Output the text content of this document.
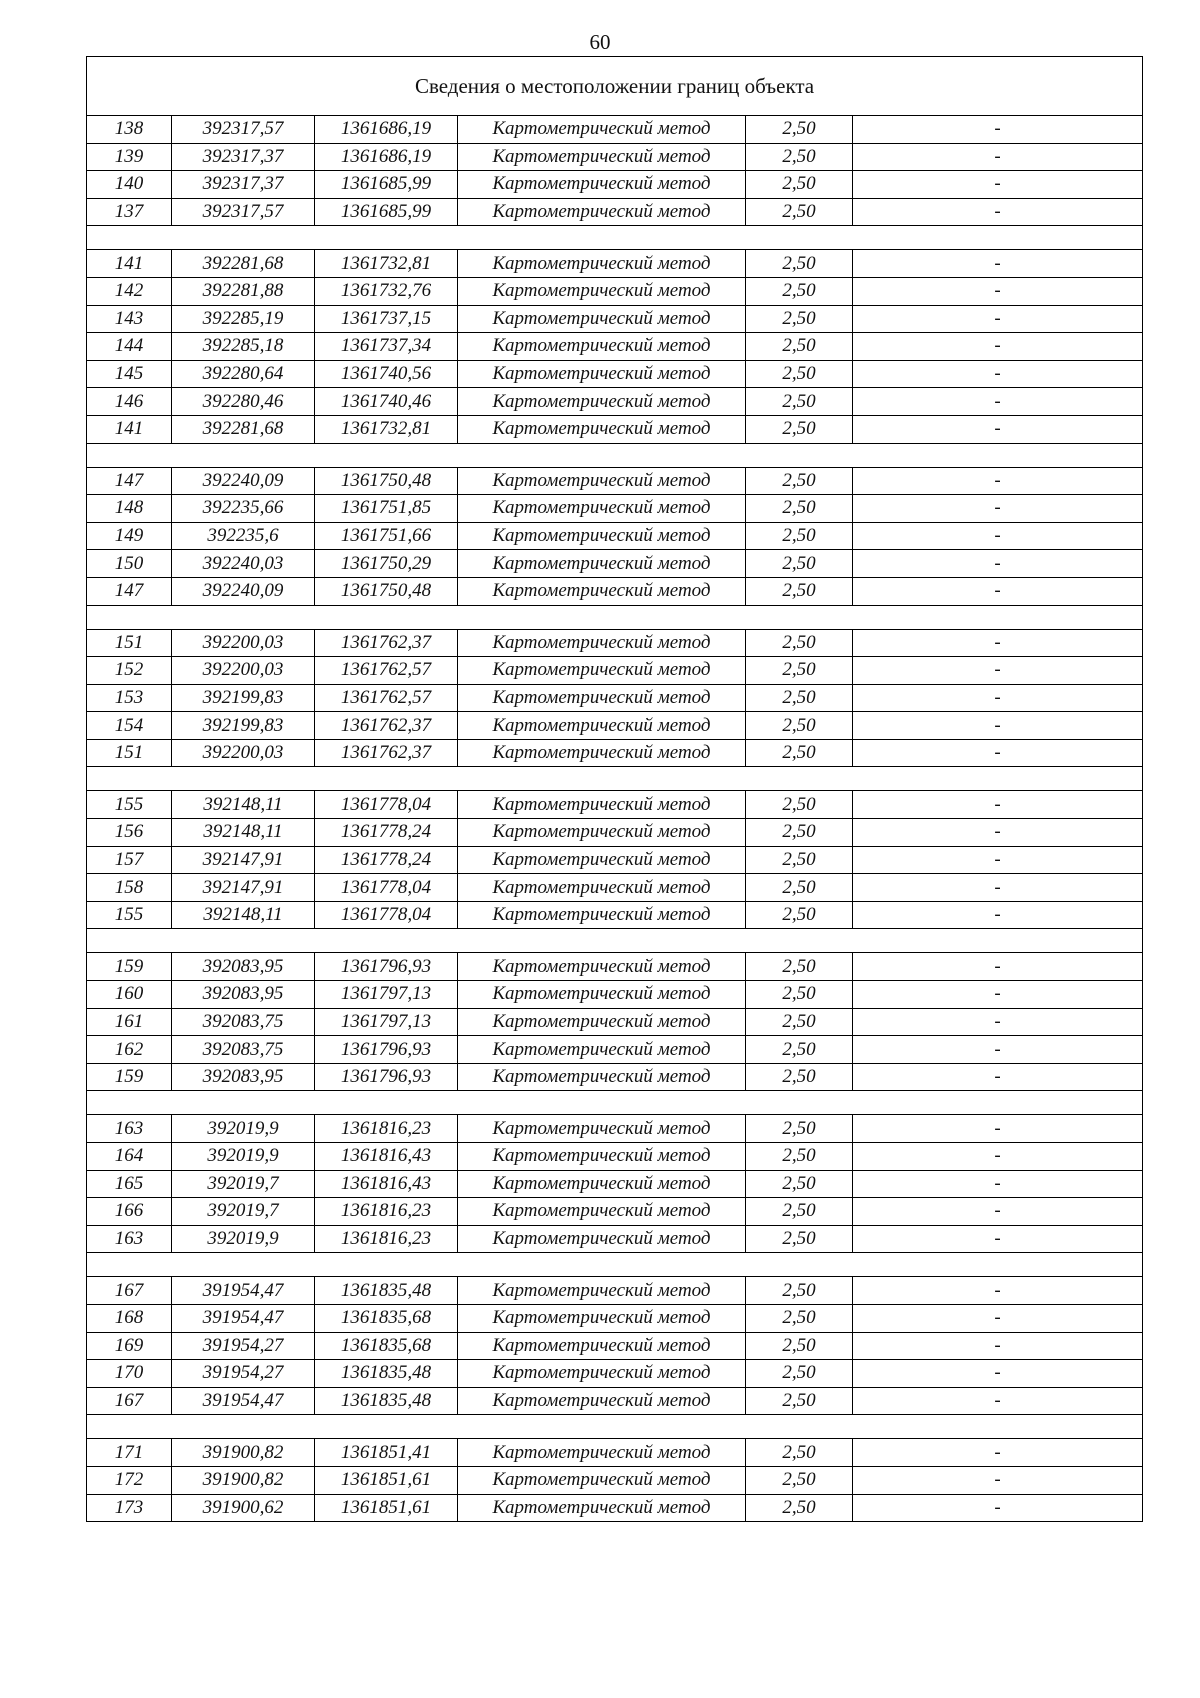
60
Сведения о местоположении границ объекта					
138	392317,57	1361686,19	Картометрический метод	2,50	-
139	392317,37	1361686,19	Картометрический метод	2,50	-
140	392317,37	1361685,99	Картометрический метод	2,50	-
137	392317,57	1361685,99	Картометрический метод	2,50	-

141	392281,68	1361732,81	Картометрический метод	2,50	-
142	392281,88	1361732,76	Картометрический метод	2,50	-
143	392285,19	1361737,15	Картометрический метод	2,50	-
144	392285,18	1361737,34	Картометрический метод	2,50	-
145	392280,64	1361740,56	Картометрический метод	2,50	-
146	392280,46	1361740,46	Картометрический метод	2,50	-
141	392281,68	1361732,81	Картометрический метод	2,50	-

147	392240,09	1361750,48	Картометрический метод	2,50	-
148	392235,66	1361751,85	Картометрический метод	2,50	-
149	392235,6	1361751,66	Картометрический метод	2,50	-
150	392240,03	1361750,29	Картометрический метод	2,50	-
147	392240,09	1361750,48	Картометрический метод	2,50	-

151	392200,03	1361762,37	Картометрический метод	2,50	-
152	392200,03	1361762,57	Картометрический метод	2,50	-
153	392199,83	1361762,57	Картометрический метод	2,50	-
154	392199,83	1361762,37	Картометрический метод	2,50	-
151	392200,03	1361762,37	Картометрический метод	2,50	-

155	392148,11	1361778,04	Картометрический метод	2,50	-
156	392148,11	1361778,24	Картометрический метод	2,50	-
157	392147,91	1361778,24	Картометрический метод	2,50	-
158	392147,91	1361778,04	Картометрический метод	2,50	-
155	392148,11	1361778,04	Картометрический метод	2,50	-

159	392083,95	1361796,93	Картометрический метод	2,50	-
160	392083,95	1361797,13	Картометрический метод	2,50	-
161	392083,75	1361797,13	Картометрический метод	2,50	-
162	392083,75	1361796,93	Картометрический метод	2,50	-
159	392083,95	1361796,93	Картометрический метод	2,50	-

163	392019,9	1361816,23	Картометрический метод	2,50	-
164	392019,9	1361816,43	Картометрический метод	2,50	-
165	392019,7	1361816,43	Картометрический метод	2,50	-
166	392019,7	1361816,23	Картометрический метод	2,50	-
163	392019,9	1361816,23	Картометрический метод	2,50	-

167	391954,47	1361835,48	Картометрический метод	2,50	-
168	391954,47	1361835,68	Картометрический метод	2,50	-
169	391954,27	1361835,68	Картометрический метод	2,50	-
170	391954,27	1361835,48	Картометрический метод	2,50	-
167	391954,47	1361835,48	Картометрический метод	2,50	-

171	391900,82	1361851,41	Картометрический метод	2,50	-
172	391900,82	1361851,61	Картометрический метод	2,50	-
173	391900,62	1361851,61	Картометрический метод	2,50	-
